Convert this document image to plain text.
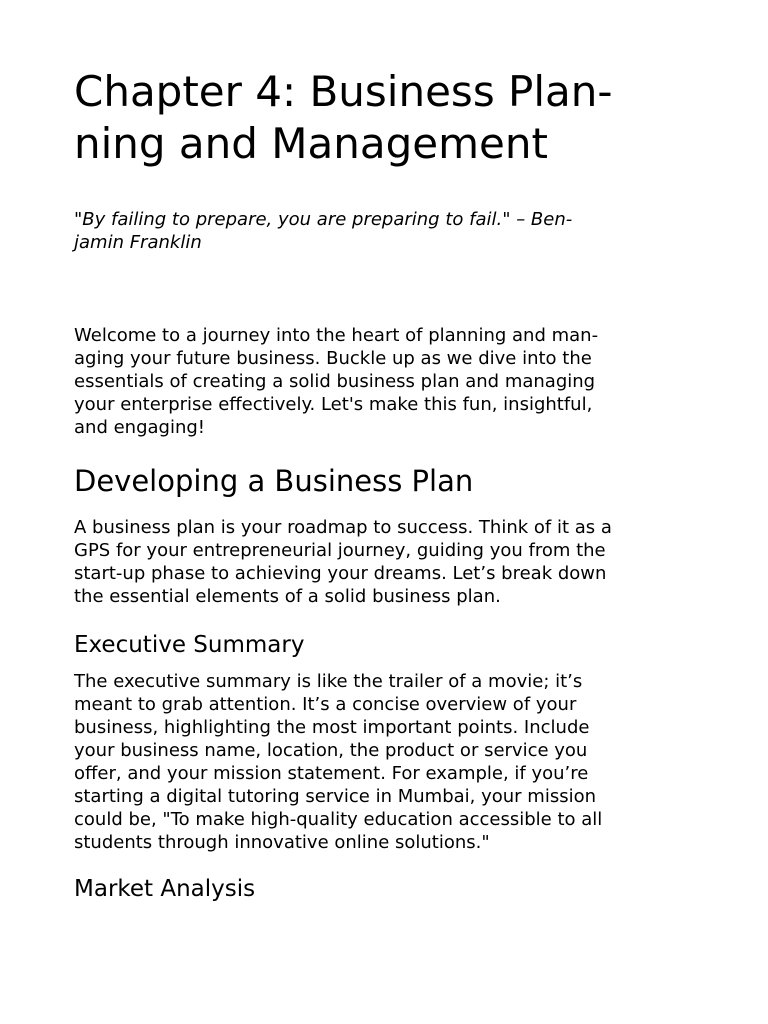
Chapter 4: Business Plan-
ning and Management

"By failing to prepare, you are preparing to fail." – Ben-
jamin Franklin

Welcome to a journey into the heart of planning and man-
aging your future business. Buckle up as we dive into the
essentials of creating a solid business plan and managing
your enterprise effectively. Let's make this fun, insightful,
and engaging!

Developing a Business Plan

A business plan is your roadmap to success. Think of it as a
GPS for your entrepreneurial journey, guiding you from the
start-up phase to achieving your dreams. Let’s break down
the essential elements of a solid business plan.

Executive Summary

The executive summary is like the trailer of a movie; it’s
meant to grab attention. It’s a concise overview of your
business, highlighting the most important points. Include
your business name, location, the product or service you
offer, and your mission statement. For example, if you’re
starting a digital tutoring service in Mumbai, your mission
could be, "To make high-quality education accessible to all
students through innovative online solutions."

Market Analysis
